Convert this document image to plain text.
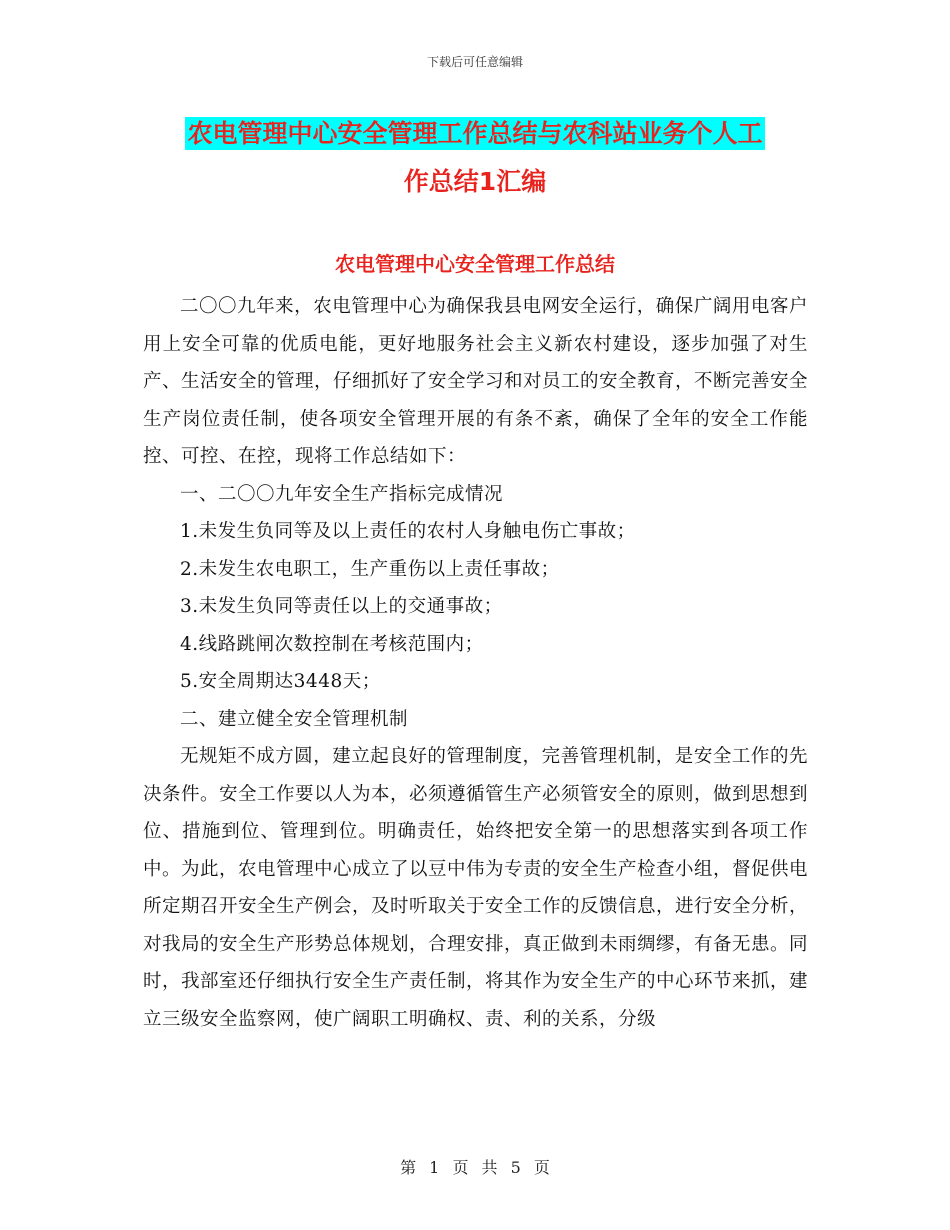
下载后可任意编辑
农电管理中心安全管理工作总结与农科站业务个人工
作总结1汇编
农电管理中心安全管理工作总结

二〇〇九年来，农电管理中心为确保我县电网安全运行，确保广阔用电客户用上安全可靠的优质电能，更好地服务社会主义新农村建设，逐步加强了对生产、生活安全的管理，仔细抓好了安全学习和对员工的安全教育，不断完善安全生产岗位责任制，使各项安全管理开展的有条不紊，确保了全年的安全工作能控、可控、在控，现将工作总结如下：

一、二〇〇九年安全生产指标完成情况

1.未发生负同等及以上责任的农村人身触电伤亡事故；

2.未发生农电职工，生产重伤以上责任事故；

3.未发生负同等责任以上的交通事故；

4.线路跳闸次数控制在考核范围内；

5.安全周期达3448天；

二、建立健全安全管理机制

无规矩不成方圆，建立起良好的管理制度，完善管理机制，是安全工作的先决条件。安全工作要以人为本，必须遵循管生产必须管安全的原则，做到思想到位、措施到位、管理到位。明确责任，始终把安全第一的思想落实到各项工作中。为此，农电管理中心成立了以豆中伟为专责的安全生产检查小组，督促供电所定期召开安全生产例会，及时听取关于安全工作的反馈信息，进行安全分析，对我局的安全生产形势总体规划，合理安排，真正做到未雨绸缪，有备无患。同时，我部室还仔细执行安全生产责任制，将其作为安全生产的中心环节来抓，建立三级安全监察网，使广阔职工明确权、责、利的关系，分级

第 1 页 共 5 页
